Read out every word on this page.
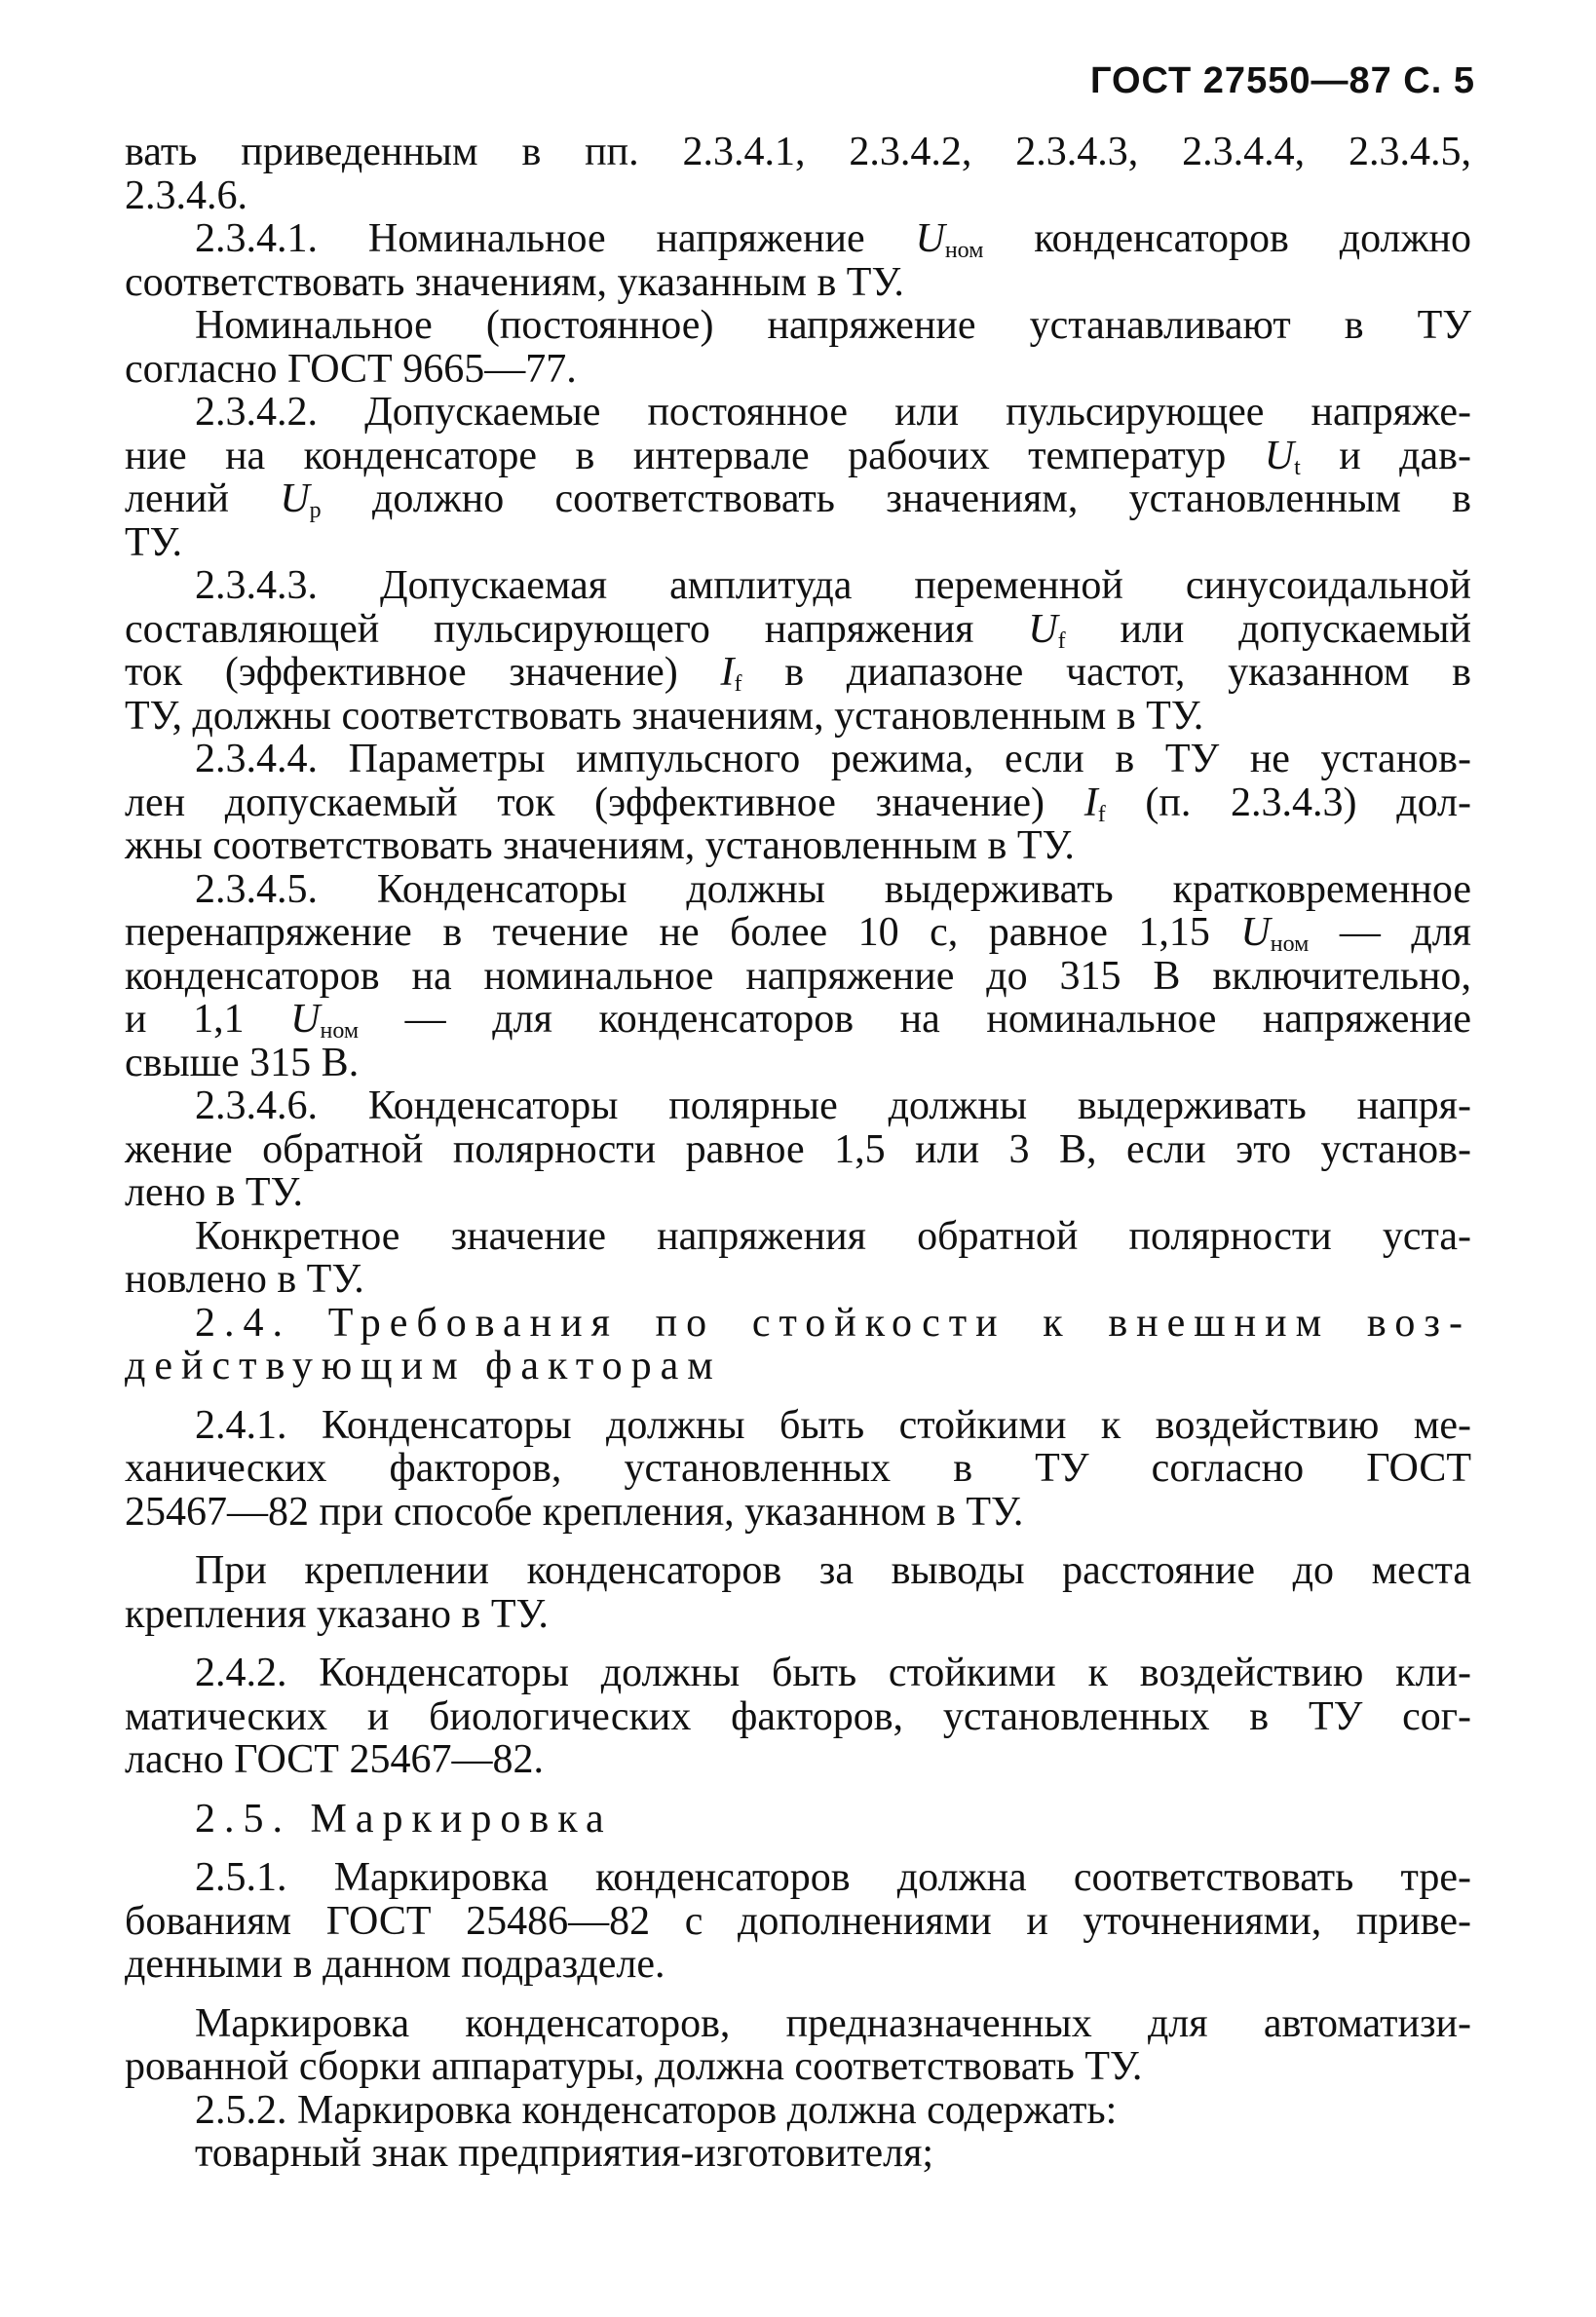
ГОСТ 27550—87 С. 5
вать приведенным в пп. 2.3.4.1, 2.3.4.2, 2.3.4.3, 2.3.4.4, 2.3.4.5,
2.3.4.6.
2.3.4.1. Номинальное напряжение $U_{ном}$ конденсаторов должно
соответствовать значениям, указанным в ТУ.
Номинальное (постоянное) напряжение устанавливают в ТУ
согласно ГОСТ 9665—77.
2.3.4.2. Допускаемые постоянное или пульсирующее напряже-
ние на конденсаторе в интервале рабочих температур $U_t$ и дав-
лений $U_p$ должно соответствовать значениям, установленным в
ТУ.
2.3.4.3. Допускаемая амплитуда переменной синусоидальной
составляющей пульсирующего напряжения $U_f$ или допускаемый
ток (эффективное значение) $I_f$ в диапазоне частот, указанном в
ТУ, должны соответствовать значениям, установленным в ТУ.
2.3.4.4. Параметры импульсного режима, если в ТУ не установ-
лен допускаемый ток (эффективное значение) $I_f$ (п. 2.3.4.3) дол-
жны соответствовать значениям, установленным в ТУ.
2.3.4.5. Конденсаторы должны выдерживать кратковременное
перенапряжение в течение не более 10 с, равное 1,15 $U_{ном}$ — для
конденсаторов на номинальное напряжение до 315 В включительно,
и 1,1 $U_{ном}$ — для конденсаторов на номинальное напряжение
свыше 315 В.
2.3.4.6. Конденсаторы полярные должны выдерживать напря-
жение обратной полярности равное 1,5 или 3 В, если это установ-
лено в ТУ.
Конкретное значение напряжения обратной полярности уста-
новлено в ТУ.
2.4. Требования по стойкости к внешним воз-
действующим факторам
2.4.1. Конденсаторы должны быть стойкими к воздействию ме-
ханических факторов, установленных в ТУ согласно ГОСТ
25467—82 при способе крепления, указанном в ТУ.
При креплении конденсаторов за выводы расстояние до места
крепления указано в ТУ.
2.4.2. Конденсаторы должны быть стойкими к воздействию кли-
матических и биологических факторов, установленных в ТУ сог-
ласно ГОСТ 25467—82.
2.5. Маркировка
2.5.1. Маркировка конденсаторов должна соответствовать тре-
бованиям ГОСТ 25486—82 с дополнениями и уточнениями, приве-
денными в данном подразделе.
Маркировка конденсаторов, предназначенных для автоматизи-
рованной сборки аппаратуры, должна соответствовать ТУ.
2.5.2. Маркировка конденсаторов должна содержать:
товарный знак предприятия-изготовителя;
